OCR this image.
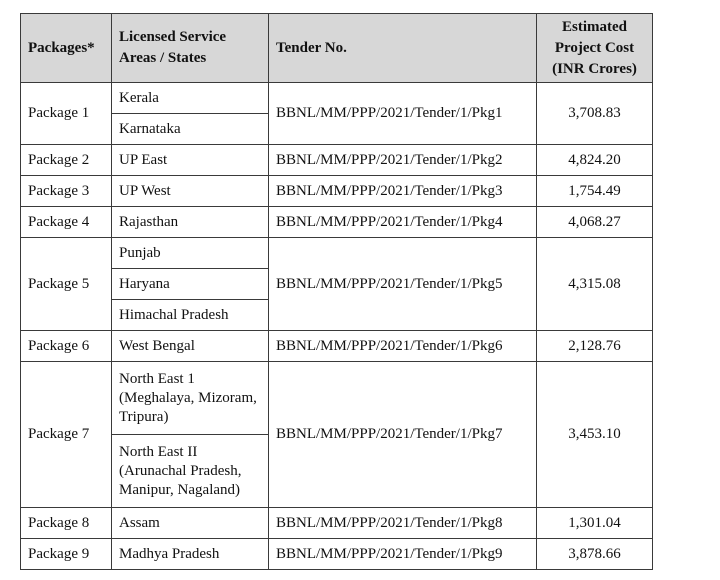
Packages*	Licensed Service Areas / States	Tender No.	Estimated Project Cost (INR Crores)
Package 1	Kerala	BBNL/MM/PPP/2021/Tender/1/Pkg1	3,708.83
	Karnataka		
Package 2	UP East	BBNL/MM/PPP/2021/Tender/1/Pkg2	4,824.20
Package 3	UP West	BBNL/MM/PPP/2021/Tender/1/Pkg3	1,754.49
Package 4	Rajasthan	BBNL/MM/PPP/2021/Tender/1/Pkg4	4,068.27
Package 5	Punjab	BBNL/MM/PPP/2021/Tender/1/Pkg5	4,315.08
	Haryana		
	Himachal Pradesh		
Package 6	West Bengal	BBNL/MM/PPP/2021/Tender/1/Pkg6	2,128.76
Package 7	North East 1 (Meghalaya, Mizoram, Tripura)	BBNL/MM/PPP/2021/Tender/1/Pkg7	3,453.10
	North East II (Arunachal Pradesh, Manipur, Nagaland)		
Package 8	Assam	BBNL/MM/PPP/2021/Tender/1/Pkg8	1,301.04
Package 9	Madhya Pradesh	BBNL/MM/PPP/2021/Tender/1/Pkg9	3,878.66
